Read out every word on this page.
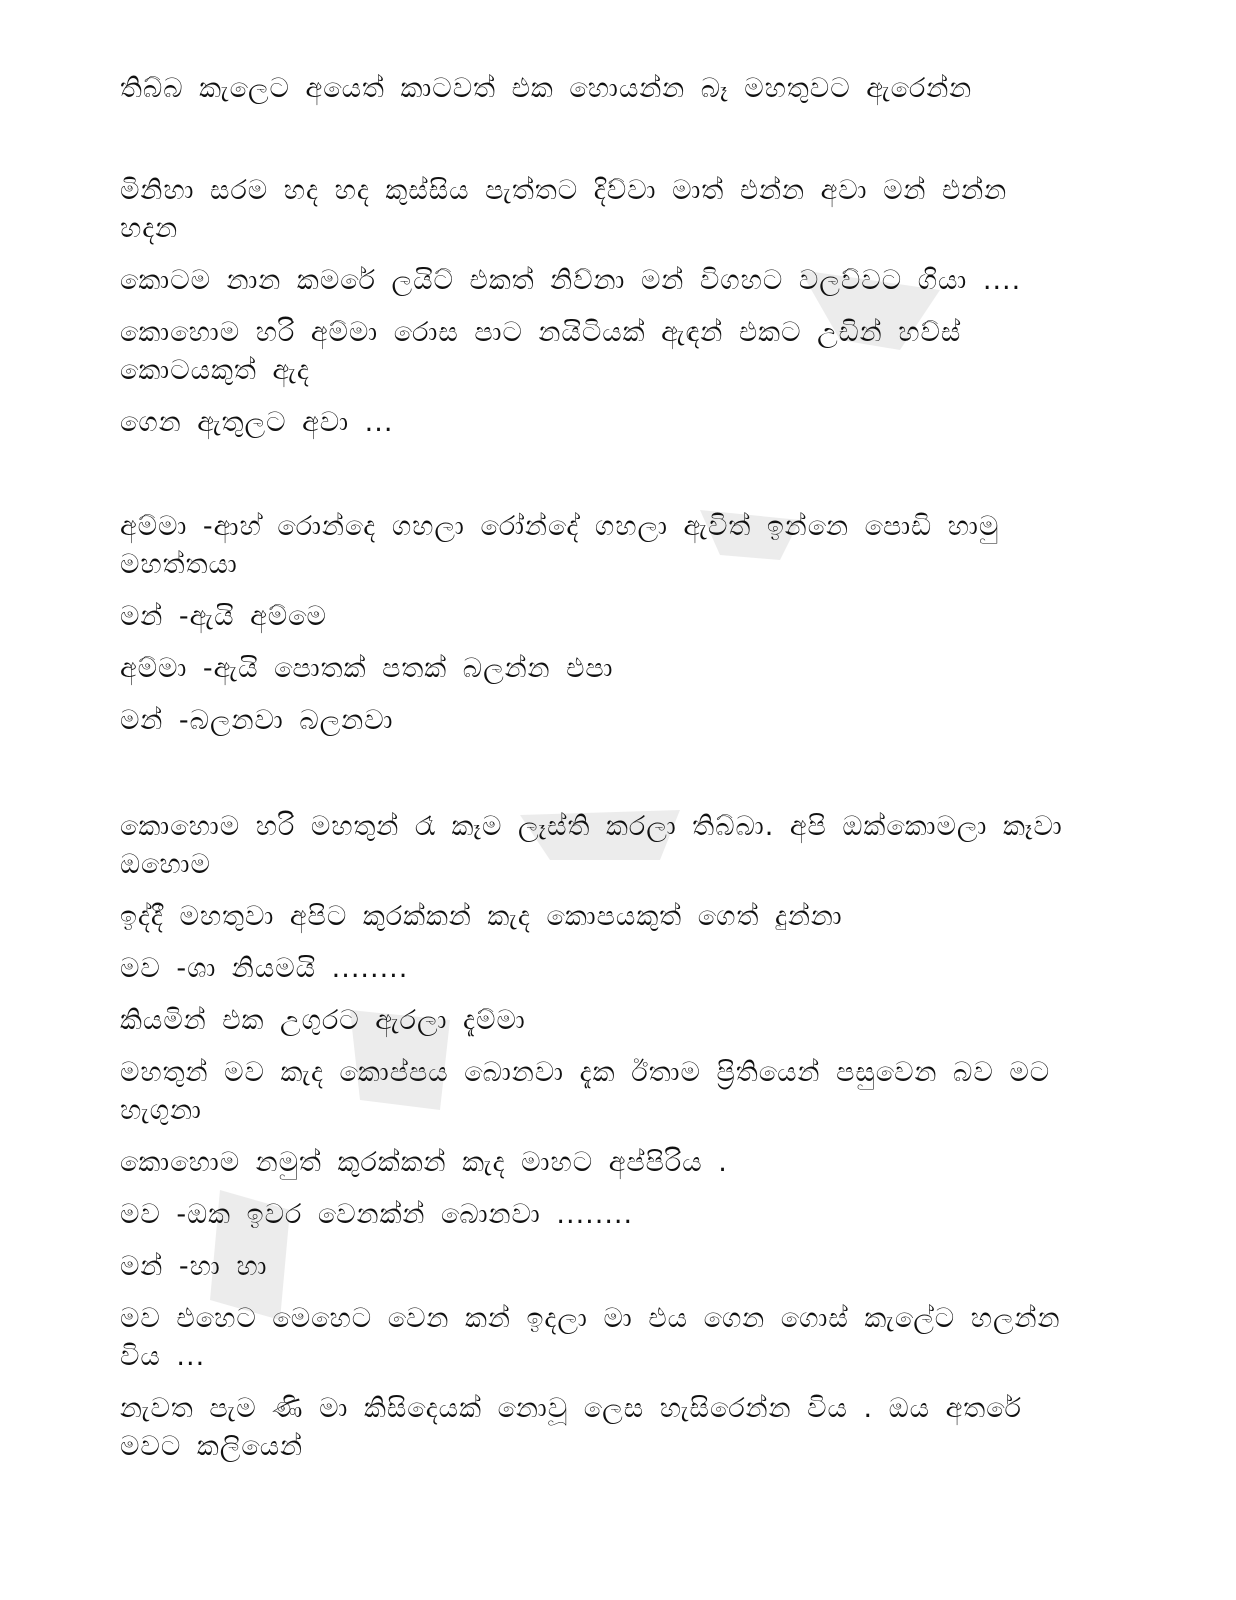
තිබ්බ කැලෙට අයෙත් කාටවත් එක හොයන්න බෑ මහතුවට ඇරෙන්න
මිනිහා සරම හද හද කුස්සිය පැත්තට දිව්වා මාත් එන්න අවා මන් එන්න හදන
කොටම නාන කමරේ ලයිට් එකත් නිව්නා මන් විගහට වලව්වට ගියා ....
කොහොම හරි අම්මා රොස පාට නයිටියක් ඇඳන් එකට උඩින් හව්ස් කොටයකුත් ඇද
ගෙන ඇතුලට අවා ...
අම්මා -ආහ් රොන්දෙ ගහලා රෝන්දේ ගහලා ඇවිත් ඉන්නෙ පොඩි හාමු මහත්තයා
මන් -ඇයි අම්මෙ
අම්මා -ඇයි පොතක් පතක් බලන්න එපා
මන් -බලනවා බලනවා
කොහොම හරි මහතුන් රෑ කෑම ලෑස්ති කරලා තිබ්බා. අපි ඔක්කොමලා කෑවා ඔහොම
ඉද්දී මහතුවා අපිට කුරක්කන් කැද කොපයකුත් ගෙත් දුන්නා
මව -ශා නියමයි ........
කියමින් එක උගුරට ඇරලා දැම්මා
මහතුන් මව කැද කොප්පය බොනවා දැක ඊතාම ප්‍රිතියෙන් පසුවෙන බව මට හැගුනා
කොහොම නමුත් කුරක්කන් කැද මාහට අප්පිරිය .
මව -ඔක ඉවර වෙනක්න් බොනවා ........
මන් -හා හා
මව එහෙට මෙහෙට වෙන කන් ඉදලා මා එය ගෙන ගොස් කැලේට හලන්න විය ...
නැවත පැම ණි මා කිසිදෙයක් නොවූ ලෙස හැසිරෙන්න විය . ඔය අතරේ මවට කලියෙන්
